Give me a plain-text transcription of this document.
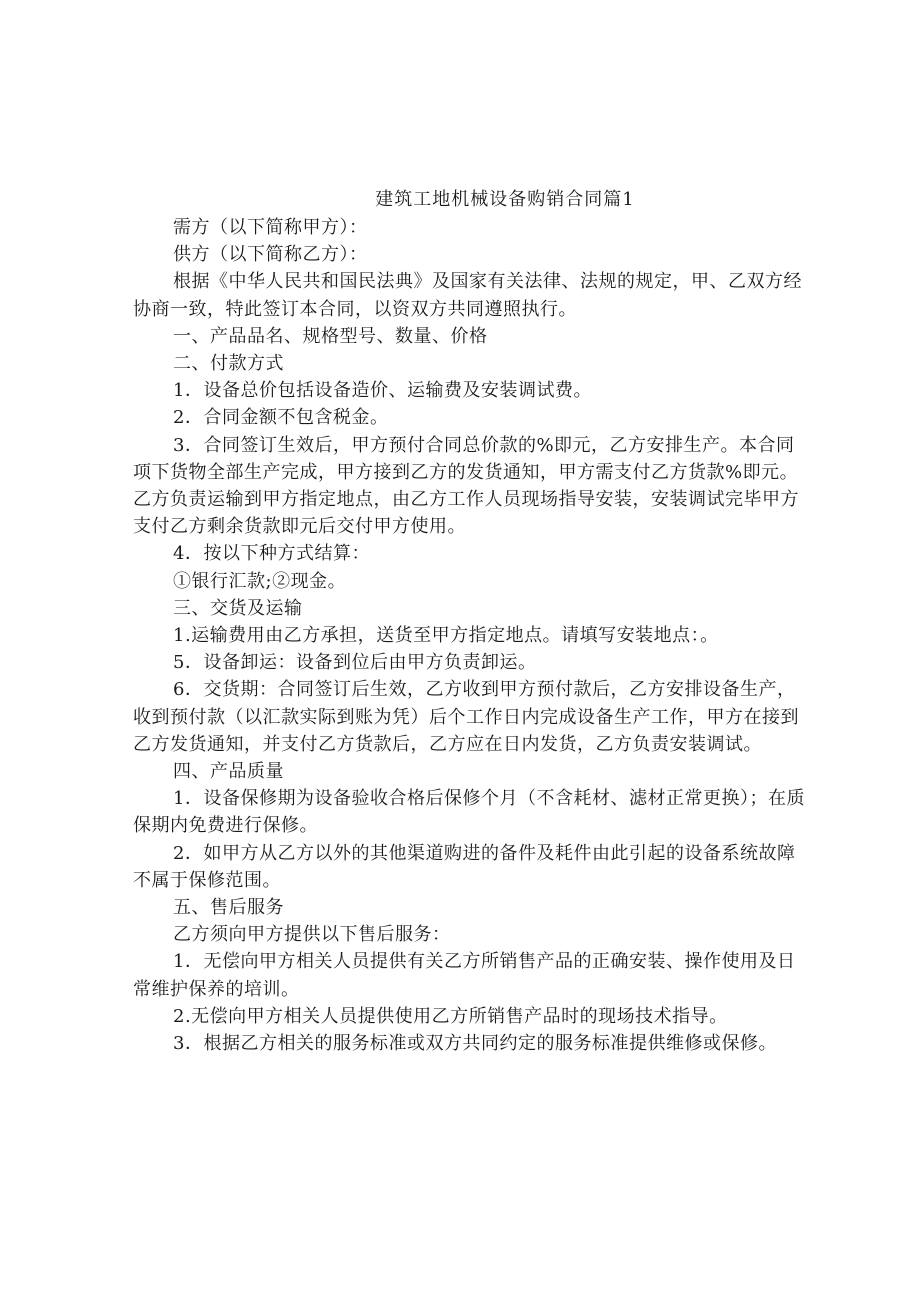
建筑工地机械设备购销合同篇1

需方（以下简称甲方）：

供方（以下简称乙方）：

根据《中华人民共和国民法典》及国家有关法律、法规的规定，甲、乙双方经协商一致，特此签订本合同，以资双方共同遵照执行。

一、产品品名、规格型号、数量、价格

二、付款方式

1．设备总价包括设备造价、运输费及安装调试费。

2．合同金额不包含税金。

3．合同签订生效后，甲方预付合同总价款的%即元，乙方安排生产。本合同项下货物全部生产完成，甲方接到乙方的发货通知，甲方需支付乙方货款%即元。乙方负责运输到甲方指定地点，由乙方工作人员现场指导安装，安装调试完毕甲方支付乙方剩余货款即元后交付甲方使用。

4．按以下种方式结算：

①银行汇款;②现金。

三、交货及运输

1.运输费用由乙方承担，送货至甲方指定地点。请填写安装地点：。

5．设备卸运：设备到位后由甲方负责卸运。

6．交货期：合同签订后生效，乙方收到甲方预付款后，乙方安排设备生产，收到预付款（以汇款实际到账为凭）后个工作日内完成设备生产工作，甲方在接到乙方发货通知，并支付乙方货款后，乙方应在日内发货，乙方负责安装调试。

四、产品质量

1．设备保修期为设备验收合格后保修个月（不含耗材、滤材正常更换）；在质保期内免费进行保修。

2．如甲方从乙方以外的其他渠道购进的备件及耗件由此引起的设备系统故障不属于保修范围。

五、售后服务

乙方须向甲方提供以下售后服务：

1．无偿向甲方相关人员提供有关乙方所销售产品的正确安装、操作使用及日常维护保养的培训。

2.无偿向甲方相关人员提供使用乙方所销售产品时的现场技术指导。

3．根据乙方相关的服务标准或双方共同约定的服务标准提供维修或保修。
